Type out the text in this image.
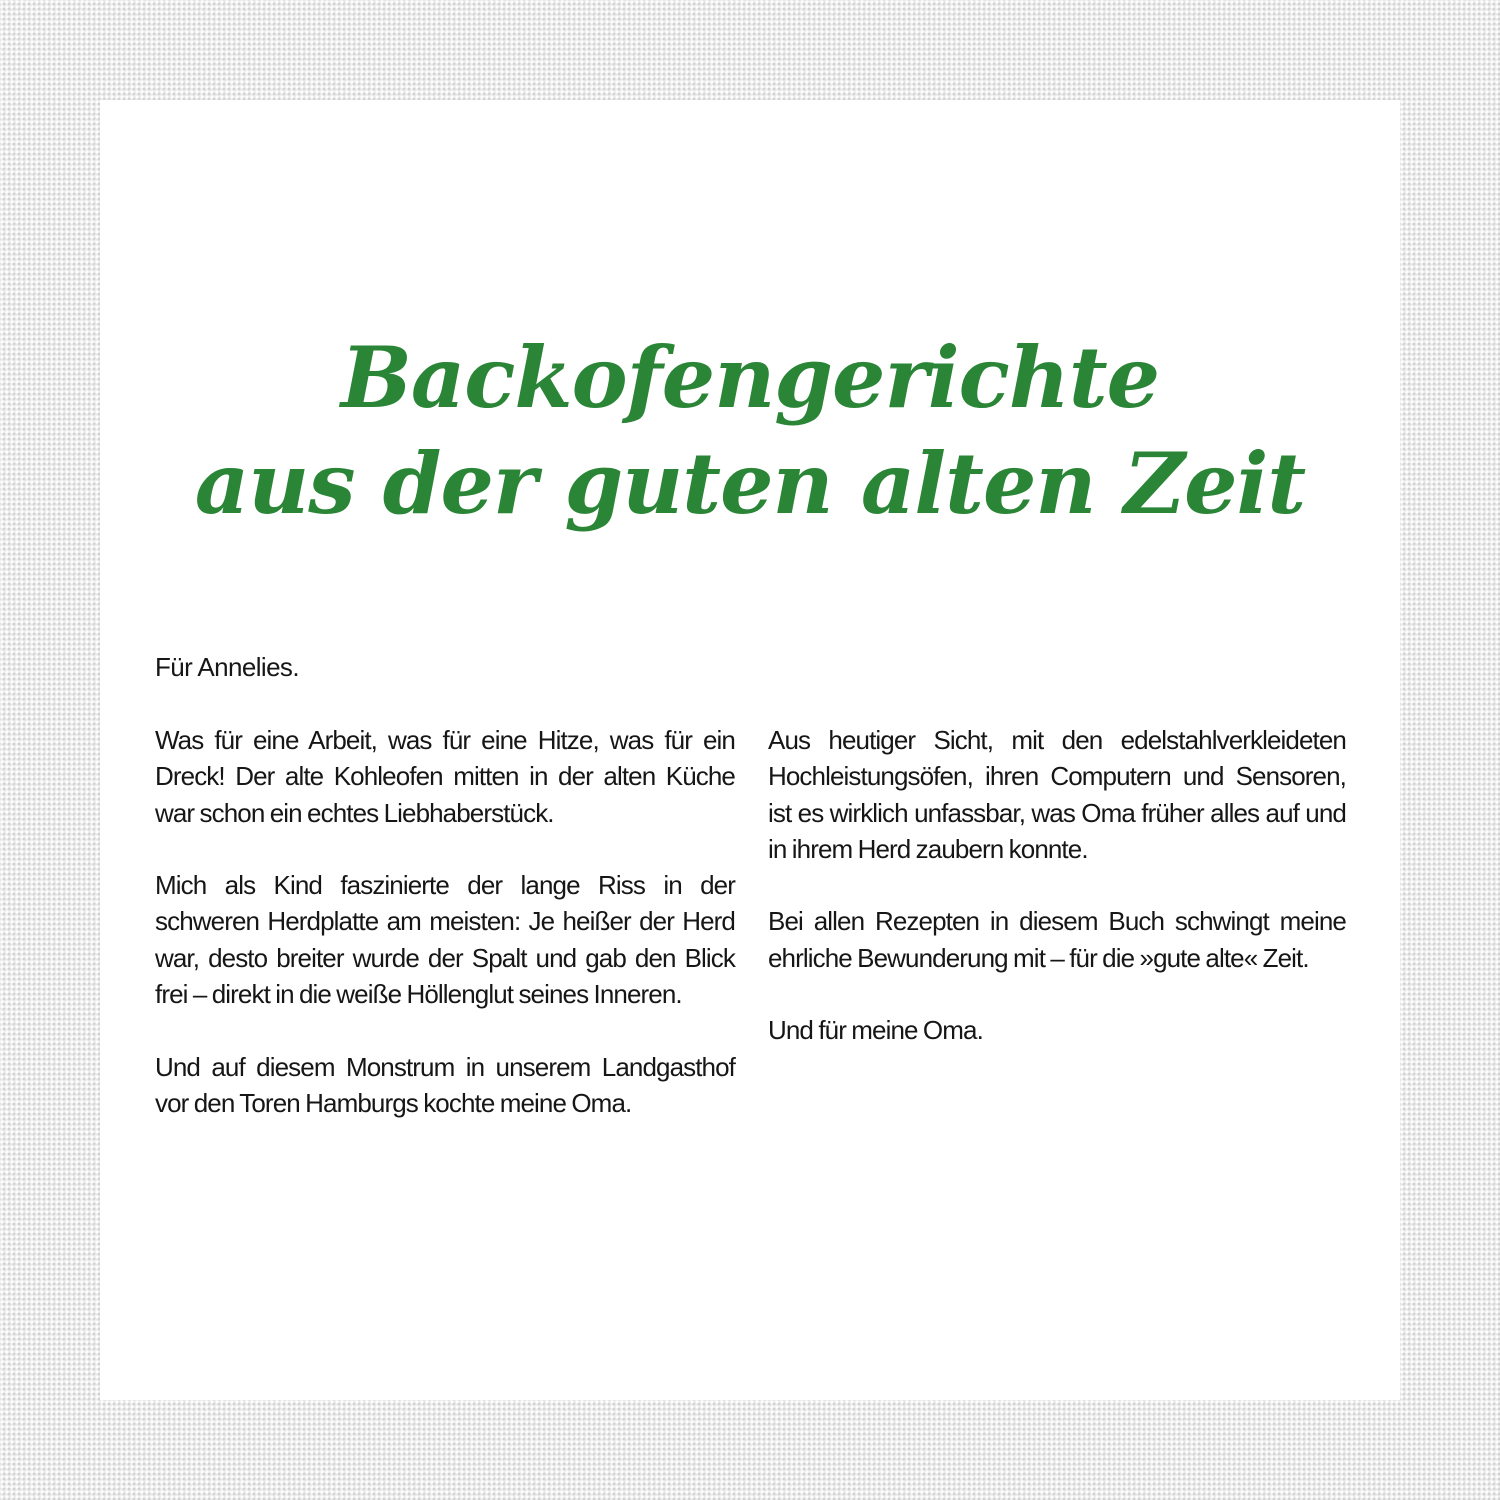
Backofengerichte
aus der guten alten Zeit

Für Annelies.

Was für eine Arbeit, was für eine Hitze, was für ein Dreck! Der alte Kohleofen mitten in der alten Küche war schon ein echtes Liebhaberstück.

Mich als Kind faszinierte der lange Riss in der schweren Herdplatte am meisten: Je heißer der Herd war, desto breiter wurde der Spalt und gab den Blick frei – direkt in die weiße Höllenglut seines Inneren.

Und auf diesem Monstrum in unserem Landgasthof vor den Toren Hamburgs kochte meine Oma.

Aus heutiger Sicht, mit den edelstahlverkleideten Hochleistungsöfen, ihren Computern und Sensoren, ist es wirklich unfassbar, was Oma früher alles auf und in ihrem Herd zaubern konnte.

Bei allen Rezepten in diesem Buch schwingt meine ehrliche Bewunderung mit – für die »gute alte« Zeit.

Und für meine Oma.
